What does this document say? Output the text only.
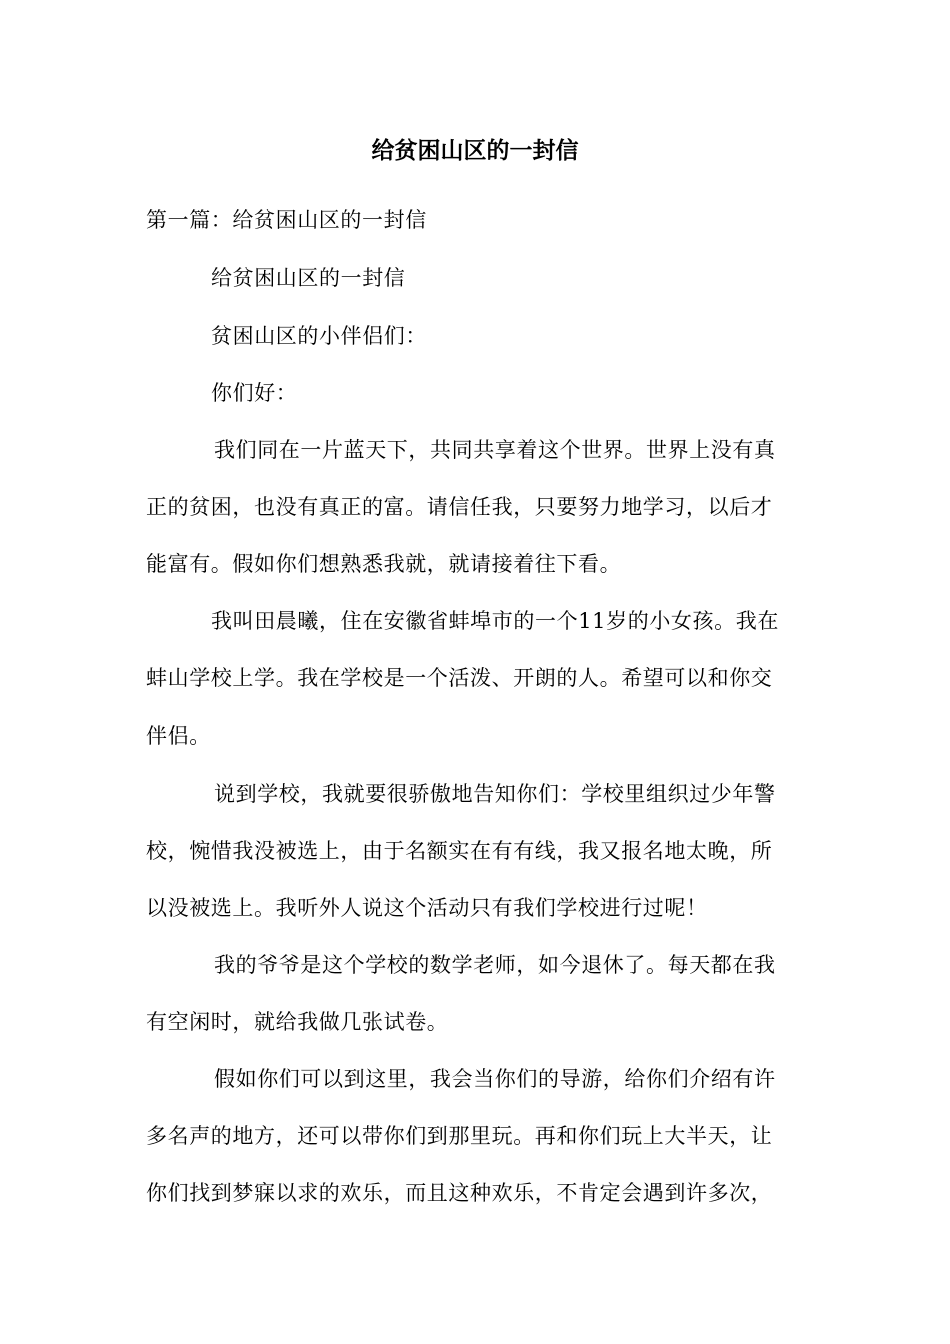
给贫困山区的一封信
第一篇：给贫困山区的一封信
给贫困山区的一封信
贫困山区的小伴侣们：
你们好：
我们同在一片蓝天下，共同共享着这个世界。世界上没有真
正的贫困，也没有真正的富。请信任我，只要努力地学习，以后才
能富有。假如你们想熟悉我就，就请接着往下看。
我叫田晨曦，住在安徽省蚌埠市的一个11岁的小女孩。我在
蚌山学校上学。我在学校是一个活泼、开朗的人。希望可以和你交
伴侣。
说到学校，我就要很骄傲地告知你们：学校里组织过少年警
校，惋惜我没被选上，由于名额实在有有线，我又报名地太晚，所
以没被选上。我听外人说这个活动只有我们学校进行过呢！
我的爷爷是这个学校的数学老师，如今退休了。每天都在我
有空闲时，就给我做几张试卷。
假如你们可以到这里，我会当你们的导游，给你们介绍有许
多名声的地方，还可以带你们到那里玩。再和你们玩上大半天，让
你们找到梦寐以求的欢乐，而且这种欢乐，不肯定会遇到许多次，
